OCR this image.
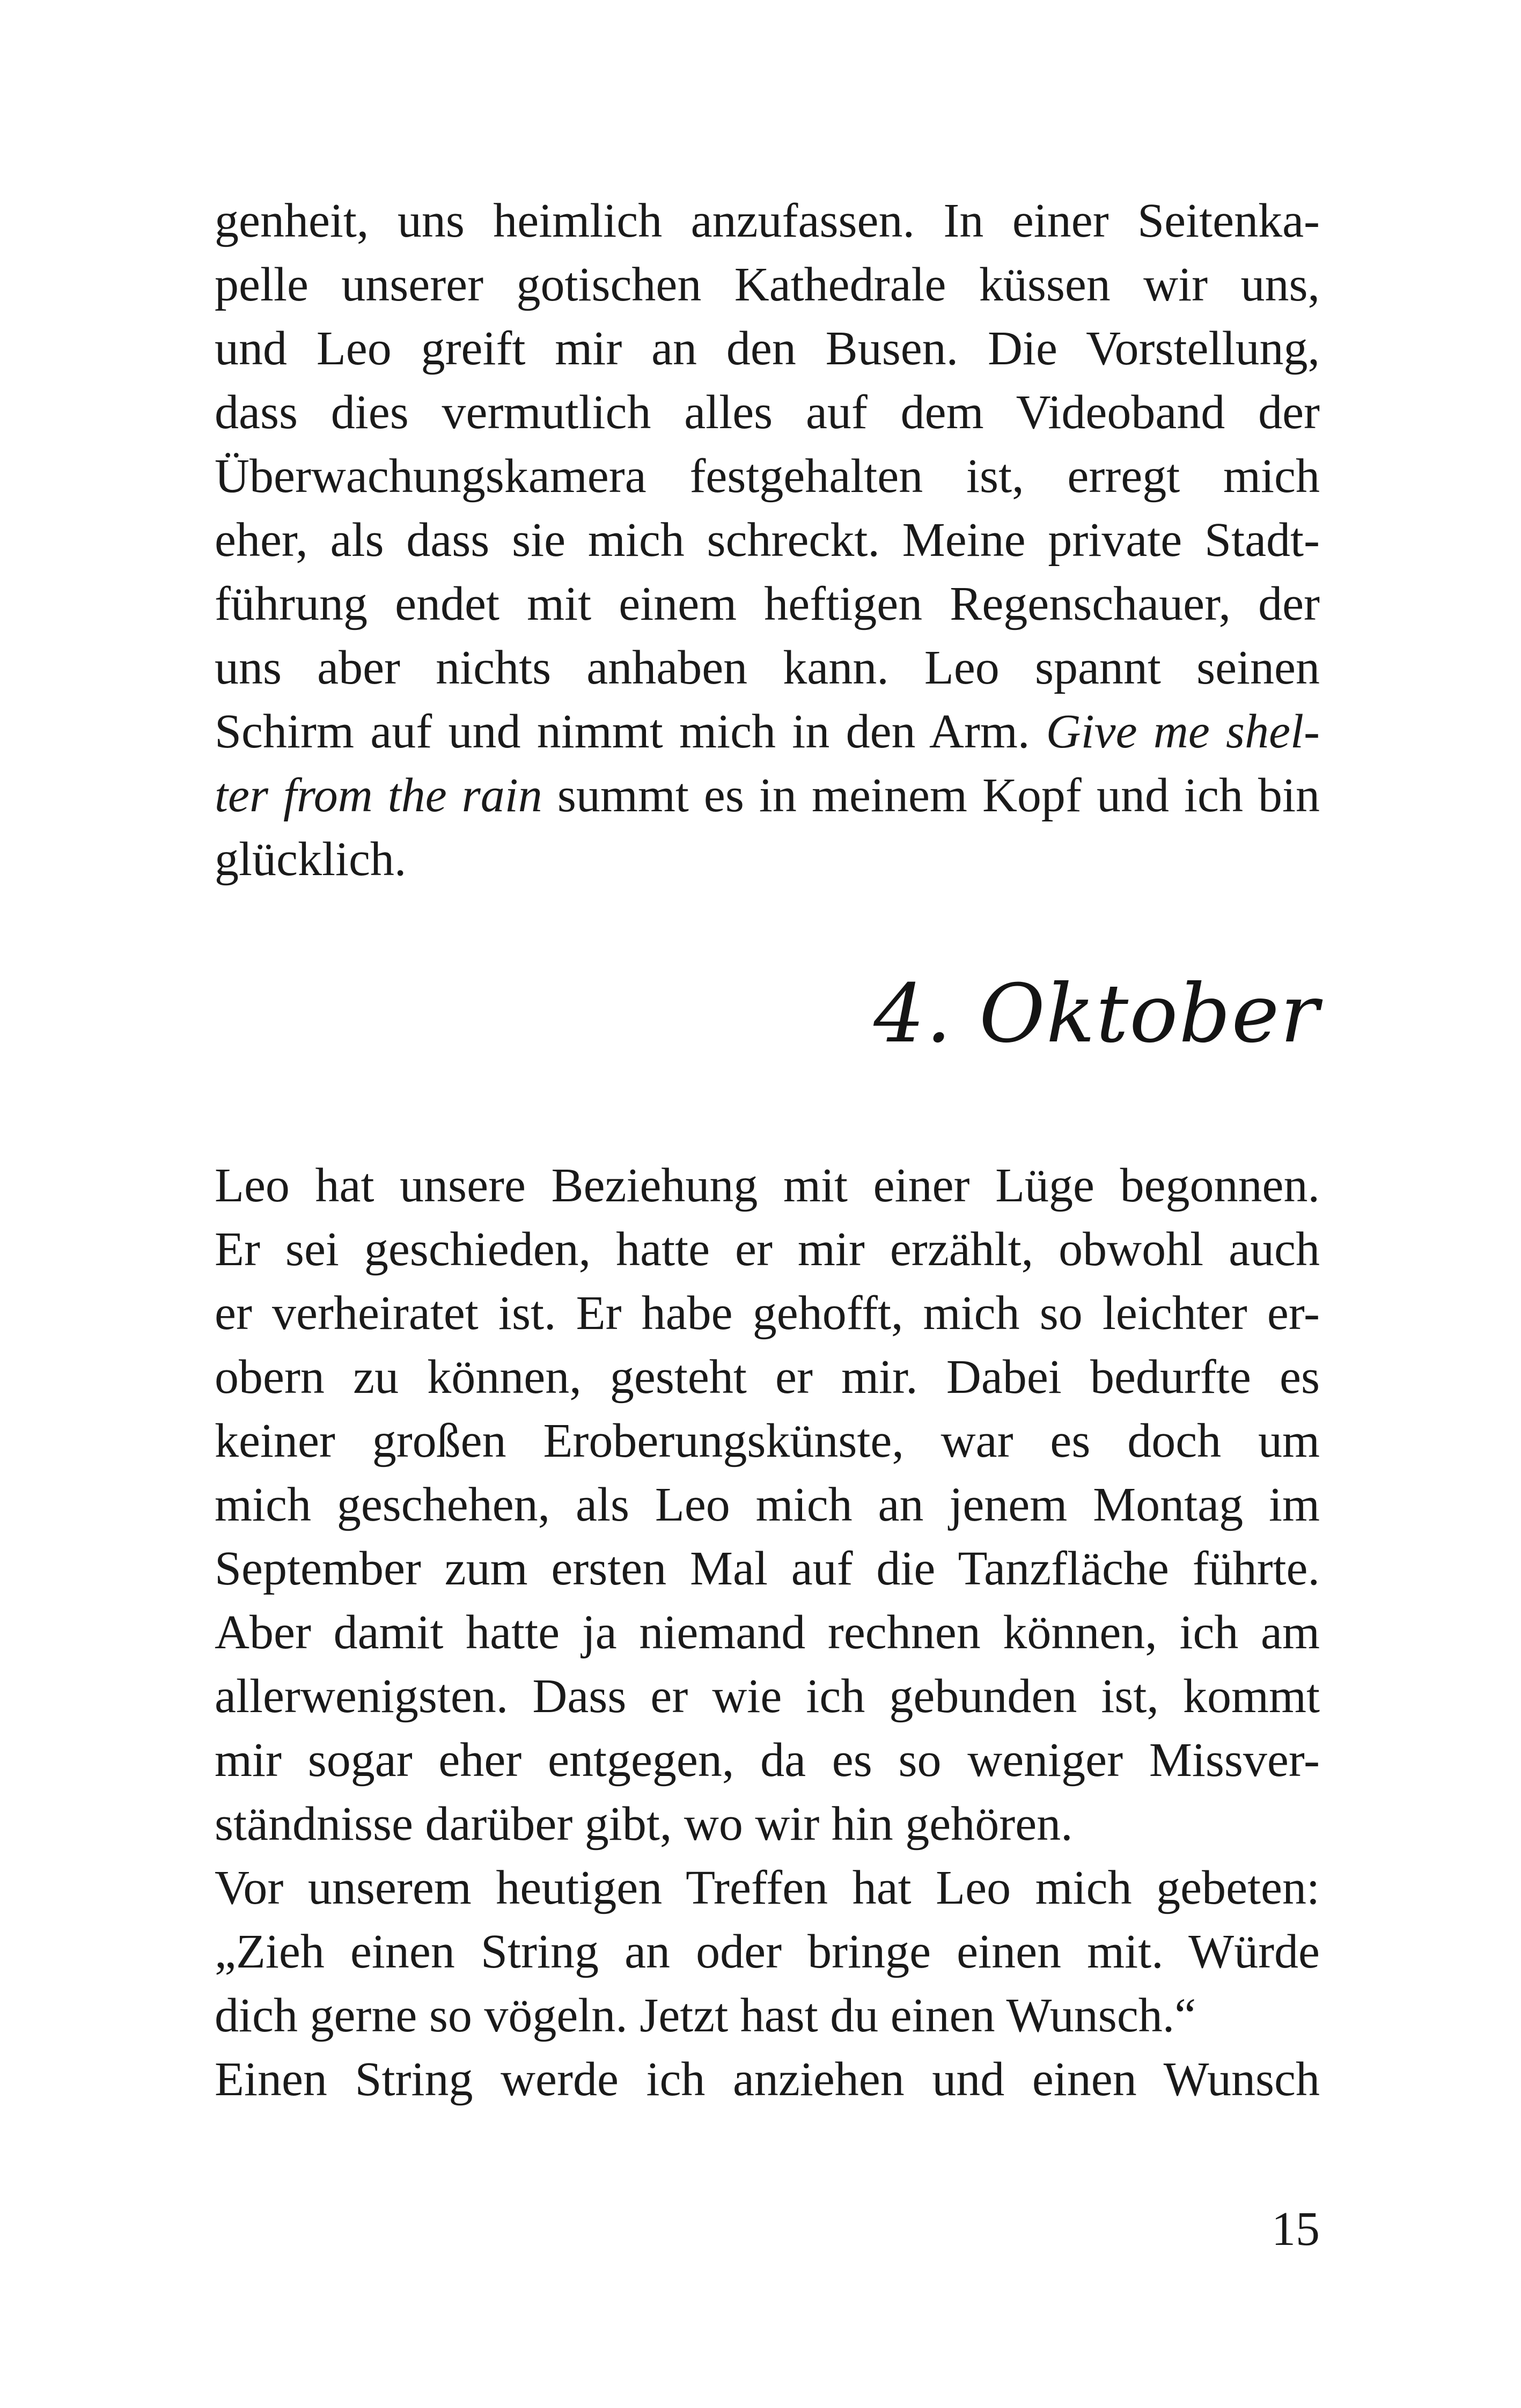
genheit, uns heimlich anzufassen. In einer Seitenka-
pelle unserer gotischen Kathedrale küssen wir uns,
und Leo greift mir an den Busen. Die Vorstellung,
dass dies vermutlich alles auf dem Videoband der
Überwachungskamera festgehalten ist, erregt mich
eher, als dass sie mich schreckt. Meine private Stadt-
führung endet mit einem heftigen Regenschauer, der
uns aber nichts anhaben kann. Leo spannt seinen
Schirm auf und nimmt mich in den Arm. Give me shel-
ter from the rain summt es in meinem Kopf und ich bin
glücklich.
4. Oktober
Leo hat unsere Beziehung mit einer Lüge begonnen.
Er sei geschieden, hatte er mir erzählt, obwohl auch
er verheiratet ist. Er habe gehofft, mich so leichter er-
obern zu können, gesteht er mir. Dabei bedurfte es
keiner großen Eroberungskünste, war es doch um
mich geschehen, als Leo mich an jenem Montag im
September zum ersten Mal auf die Tanzfläche führte.
Aber damit hatte ja niemand rechnen können, ich am
allerwenigsten. Dass er wie ich gebunden ist, kommt
mir sogar eher entgegen, da es so weniger Missver-
ständnisse darüber gibt, wo wir hin gehören.
Vor unserem heutigen Treffen hat Leo mich gebeten:
„Zieh einen String an oder bringe einen mit. Würde
dich gerne so vögeln. Jetzt hast du einen Wunsch.“
Einen String werde ich anziehen und einen Wunsch
15
